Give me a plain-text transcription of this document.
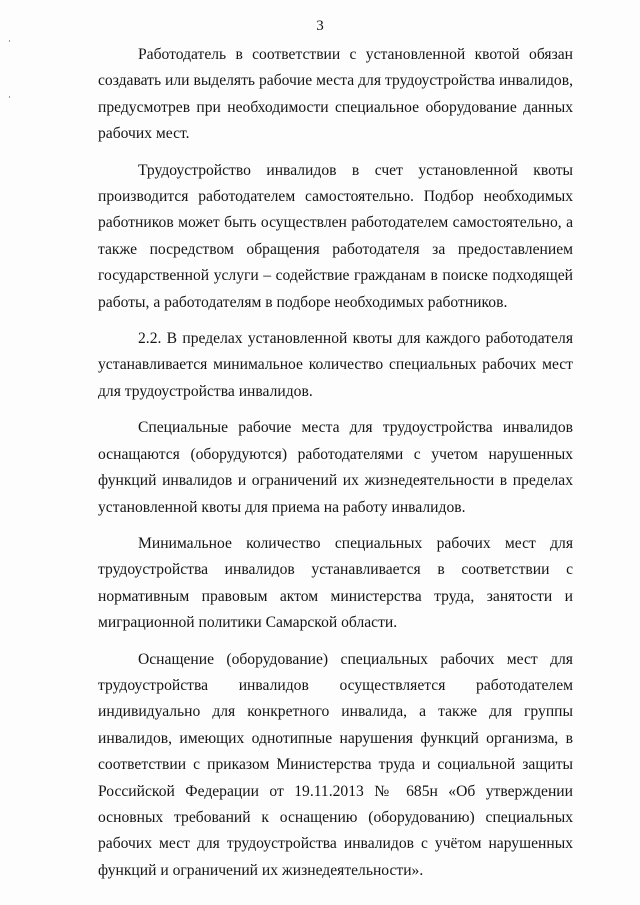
3

Работодатель в соответствии с установленной квотой обязан создавать или выделять рабочие места для трудоустройства инвалидов, предусмотрев при необходимости специальное оборудование данных рабочих мест.

Трудоустройство инвалидов в счет установленной квоты производится работодателем самостоятельно. Подбор необходимых работников может быть осуществлен работодателем самостоятельно, а также посредством обращения работодателя за предоставлением государственной услуги – содействие гражданам в поиске подходящей работы, а работодателям в подборе необходимых работников.

2.2. В пределах установленной квоты для каждого работодателя устанавливается минимальное количество специальных рабочих мест для трудоустройства инвалидов.

Специальные рабочие места для трудоустройства инвалидов оснащаются (оборудуются) работодателями с учетом нарушенных функций инвалидов и ограничений их жизнедеятельности в пределах установленной квоты для приема на работу инвалидов.

Минимальное количество специальных рабочих мест для трудоустройства инвалидов устанавливается в соответствии с нормативным правовым актом министерства труда, занятости и миграционной политики Самарской области.

Оснащение (оборудование) специальных рабочих мест для трудоустройства инвалидов осуществляется работодателем индивидуально для конкретного инвалида, а также для группы инвалидов, имеющих однотипные нарушения функций организма, в соответствии с приказом Министерства труда и социальной защиты Российской Федерации от 19.11.2013 № 685н «Об утверждении основных требований к оснащению (оборудованию) специальных рабочих мест для трудоустройства инвалидов с учётом нарушенных функций и ограничений их жизнедеятельности».
